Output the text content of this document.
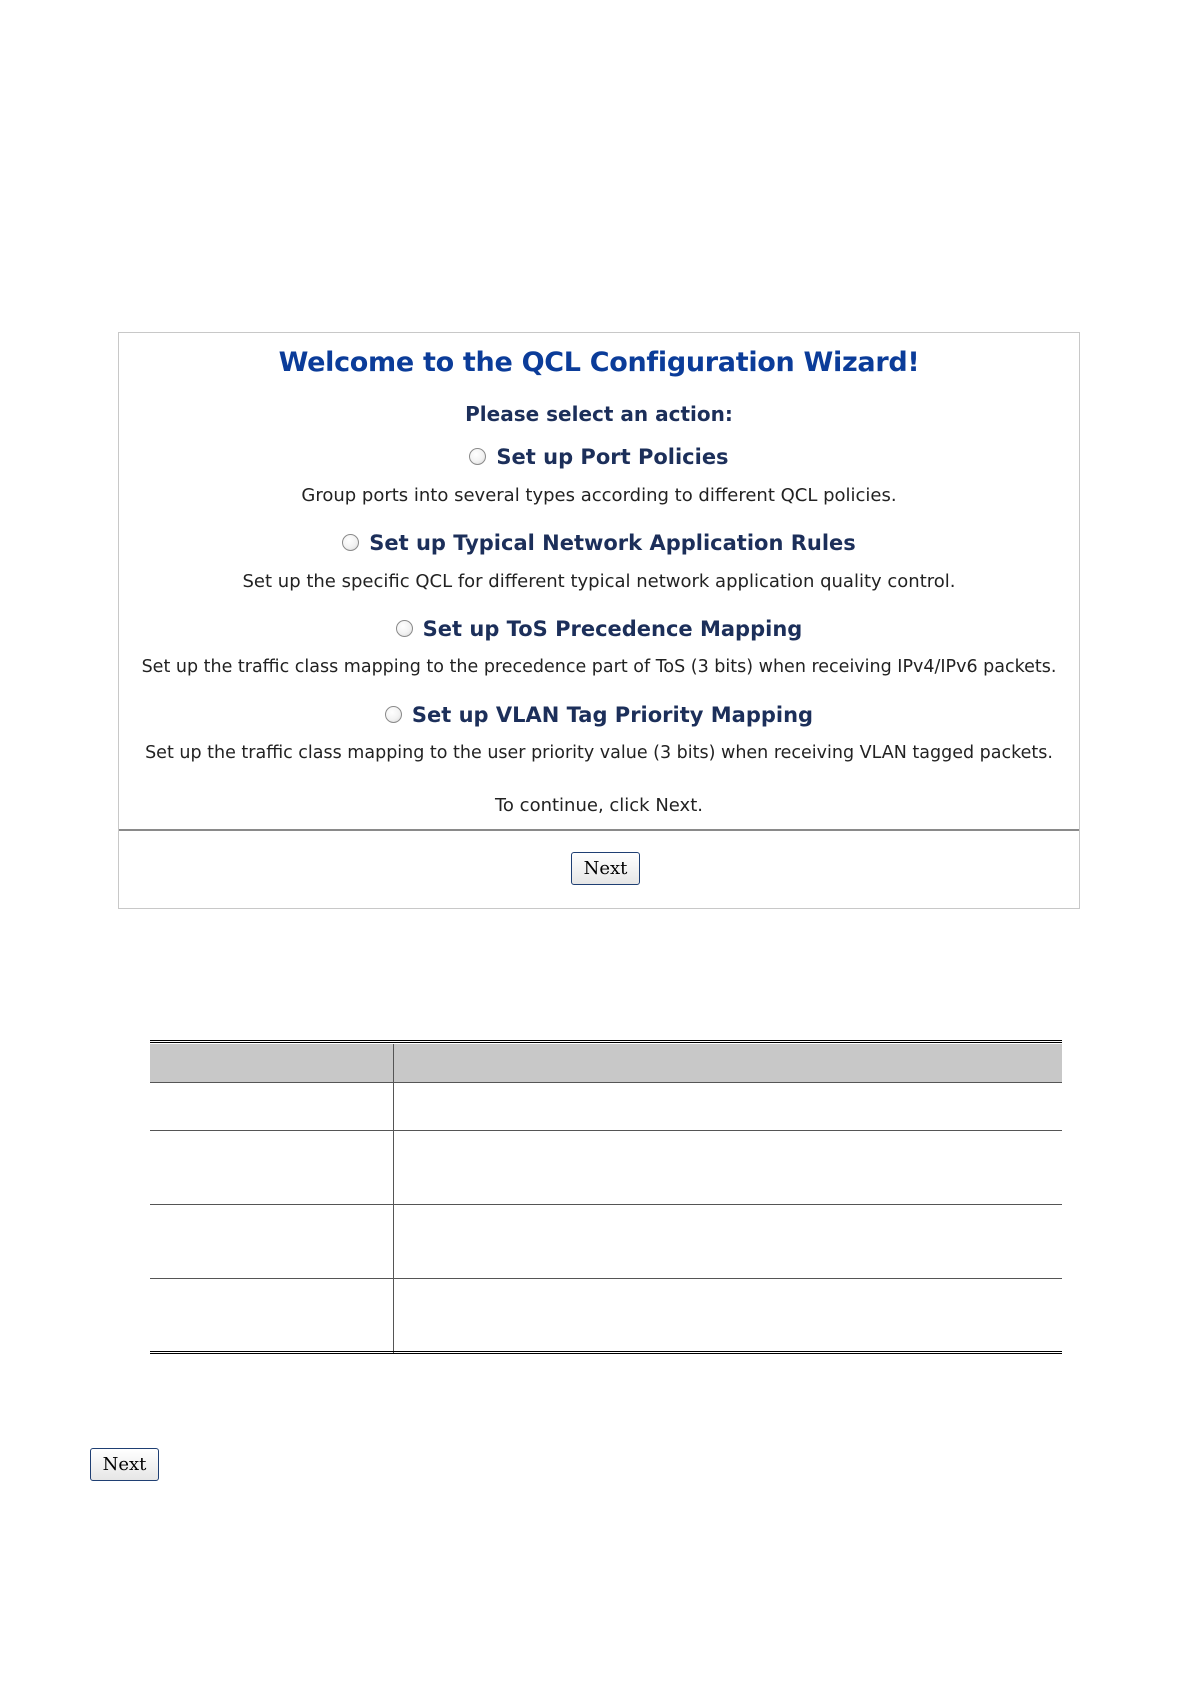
Welcome to the QCL Configuration Wizard!
Please select an action:
Set up Port Policies
Group ports into several types according to different QCL policies.
Set up Typical Network Application Rules
Set up the specific QCL for different typical network application quality control.
Set up ToS Precedence Mapping
Set up the traffic class mapping to the precedence part of ToS (3 bits) when receiving IPv4/IPv6 packets.
Set up VLAN Tag Priority Mapping
Set up the traffic class mapping to the user priority value (3 bits) when receiving VLAN tagged packets.
To continue, click Next.
Next
Next
